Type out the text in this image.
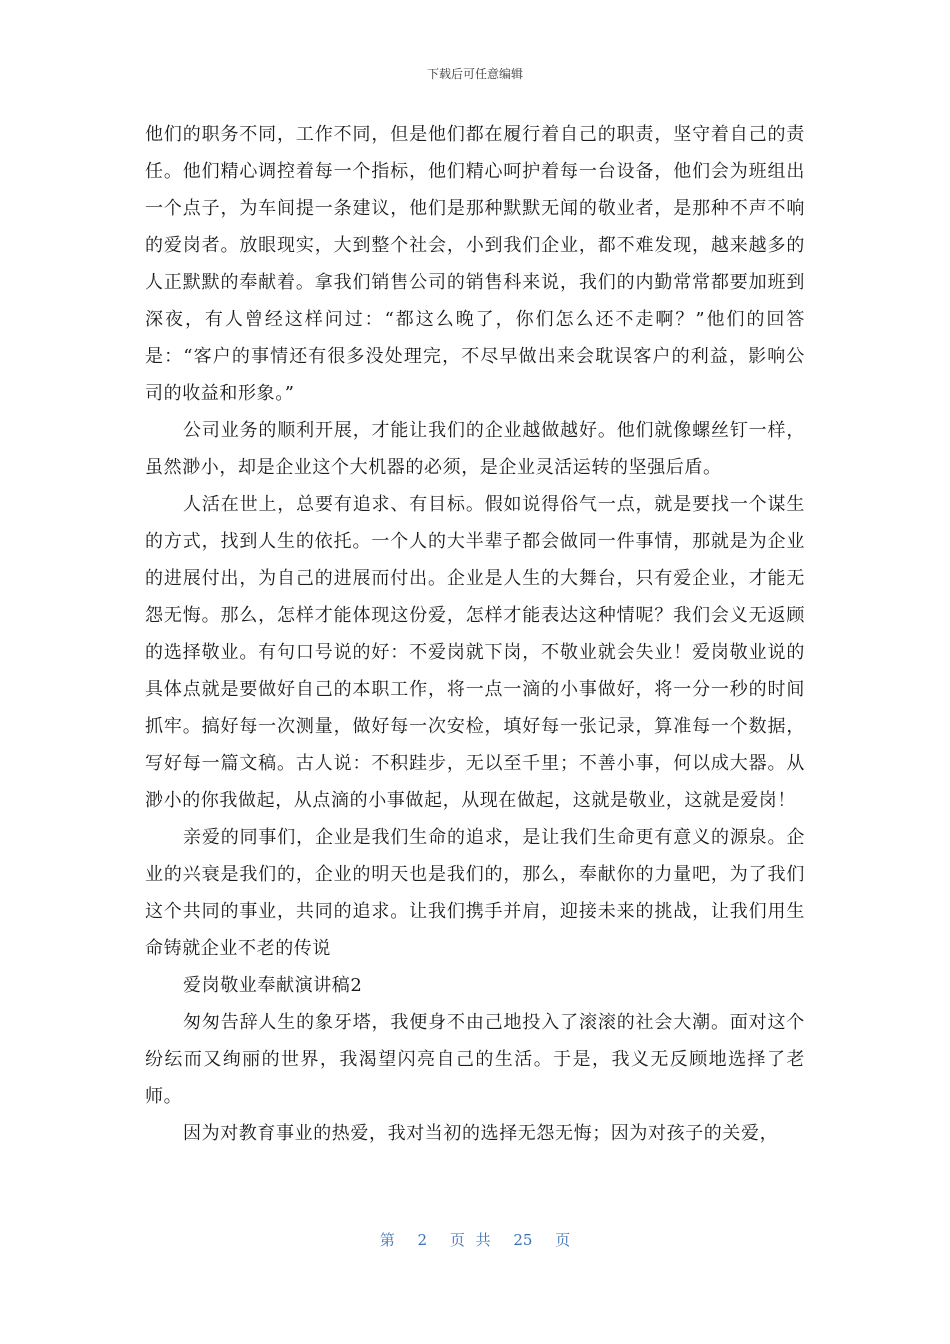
下载后可任意编辑

他们的职务不同，工作不同，但是他们都在履行着自己的职责，坚守着自己的责任。他们精心调控着每一个指标，他们精心呵护着每一台设备，他们会为班组出一个点子，为车间提一条建议，他们是那种默默无闻的敬业者，是那种不声不响的爱岗者。放眼现实，大到整个社会，小到我们企业，都不难发现，越来越多的人正默默的奉献着。拿我们销售公司的销售科来说，我们的内勤常常都要加班到深夜，有人曾经这样问过：“都这么晚了，你们怎么还不走啊？”他们的回答是：“客户的事情还有很多没处理完，不尽早做出来会耽误客户的利益，影响公司的收益和形象。”

公司业务的顺利开展，才能让我们的企业越做越好。他们就像螺丝钉一样，虽然渺小，却是企业这个大机器的必须，是企业灵活运转的坚强后盾。

人活在世上，总要有追求、有目标。假如说得俗气一点，就是要找一个谋生的方式，找到人生的依托。一个人的大半辈子都会做同一件事情，那就是为企业的进展付出，为自己的进展而付出。企业是人生的大舞台，只有爱企业，才能无怨无悔。那么，怎样才能体现这份爱，怎样才能表达这种情呢？我们会义无返顾的选择敬业。有句口号说的好：不爱岗就下岗，不敬业就会失业！爱岗敬业说的具体点就是要做好自己的本职工作，将一点一滴的小事做好，将一分一秒的时间抓牢。搞好每一次测量，做好每一次安检，填好每一张记录，算准每一个数据，写好每一篇文稿。古人说：不积跬步，无以至千里；不善小事，何以成大器。从渺小的你我做起，从点滴的小事做起，从现在做起，这就是敬业，这就是爱岗！

亲爱的同事们，企业是我们生命的追求，是让我们生命更有意义的源泉。企业的兴衰是我们的，企业的明天也是我们的，那么，奉献你的力量吧，为了我们这个共同的事业，共同的追求。让我们携手并肩，迎接未来的挑战，让我们用生命铸就企业不老的传说

爱岗敬业奉献演讲稿2

匆匆告辞人生的象牙塔，我便身不由己地投入了滚滚的社会大潮。面对这个纷纭而又绚丽的世界，我渴望闪亮自己的生活。于是，我义无反顾地选择了老师。

因为对教育事业的热爱，我对当初的选择无怨无悔；因为对孩子的关爱，

第 2 页 共 25 页
